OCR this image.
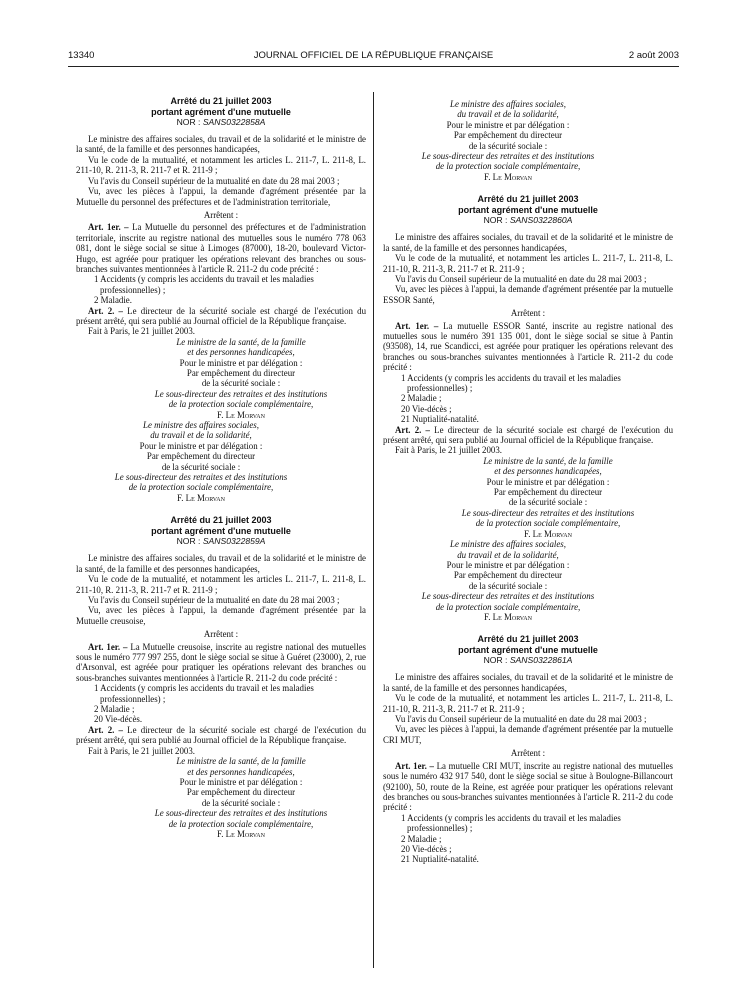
13340	JOURNAL OFFICIEL DE LA RÉPUBLIQUE FRANÇAISE	2 août 2003

Arrêté du 21 juillet 2003

portant agrément d'une mutuelle

NOR : SANS0322858A

Le ministre des affaires sociales, du travail et de la solidarité et le ministre de la santé, de la famille et des personnes handicapées,

Vu le code de la mutualité, et notamment les articles L. 211-7, L. 211-8, L. 211-10, R. 211-3, R. 211-7 et R. 211-9 ;

Vu l'avis du Conseil supérieur de la mutualité en date du 28 mai 2003 ;

Vu, avec les pièces à l'appui, la demande d'agrément présentée par la Mutuelle du personnel des préfectures et de l'administration territoriale,

Arrêtent :

Art. 1er. – La Mutuelle du personnel des préfectures et de l'administration territoriale, inscrite au registre national des mutuelles sous le numéro 778 063 081, dont le siège social se situe à Limoges (87000), 18-20, boulevard Victor-Hugo, est agréée pour pratiquer les opérations relevant des branches ou sous-branches suivantes mentionnées à l'article R. 211-2 du code précité :

1 Accidents (y compris les accidents du travail et les maladies professionnelles) ;

2 Maladie.

Art. 2. – Le directeur de la sécurité sociale est chargé de l'exécution du présent arrêté, qui sera publié au Journal officiel de la République française.

Fait à Paris, le 21 juillet 2003.

Le ministre de la santé, de la famille

et des personnes handicapées,

Pour le ministre et par délégation :

Par empêchement du directeur

de la sécurité sociale :

Le sous-directeur des retraites et des institutions

de la protection sociale complémentaire,

F. Le Morvan

Le ministre des affaires sociales,

du travail et de la solidarité,

Pour le ministre et par délégation :

Par empêchement du directeur

de la sécurité sociale :

Le sous-directeur des retraites et des institutions

de la protection sociale complémentaire,

F. Le Morvan

Arrêté du 21 juillet 2003

portant agrément d'une mutuelle

NOR : SANS0322859A

Le ministre des affaires sociales, du travail et de la solidarité et le ministre de la santé, de la famille et des personnes handicapées,

Vu le code de la mutualité, et notamment les articles L. 211-7, L. 211-8, L. 211-10, R. 211-3, R. 211-7 et R. 211-9 ;

Vu l'avis du Conseil supérieur de la mutualité en date du 28 mai 2003 ;

Vu, avec les pièces à l'appui, la demande d'agrément présentée par la Mutuelle creusoise,

Arrêtent :

Art. 1er. – La Mutuelle creusoise, inscrite au registre national des mutuelles sous le numéro 777 997 255, dont le siège social se situe à Guéret (23000), 2, rue d'Arsonval, est agréée pour pratiquer les opérations relevant des branches ou sous-branches suivantes mentionnées à l'article R. 211-2 du code précité :

1 Accidents (y compris les accidents du travail et les maladies professionnelles) ;

2 Maladie ;

20 Vie-décès.

Art. 2. – Le directeur de la sécurité sociale est chargé de l'exécution du présent arrêté, qui sera publié au Journal officiel de la République française.

Fait à Paris, le 21 juillet 2003.

Le ministre de la santé, de la famille

et des personnes handicapées,

Pour le ministre et par délégation :

Par empêchement du directeur

de la sécurité sociale :

Le sous-directeur des retraites et des institutions

de la protection sociale complémentaire,

F. Le Morvan

Le ministre des affaires sociales,

du travail et de la solidarité,

Pour le ministre et par délégation :

Par empêchement du directeur

de la sécurité sociale :

Le sous-directeur des retraites et des institutions

de la protection sociale complémentaire,

F. Le Morvan

Arrêté du 21 juillet 2003

portant agrément d'une mutuelle

NOR : SANS0322860A

Le ministre des affaires sociales, du travail et de la solidarité et le ministre de la santé, de la famille et des personnes handicapées,

Vu le code de la mutualité, et notamment les articles L. 211-7, L. 211-8, L. 211-10, R. 211-3, R. 211-7 et R. 211-9 ;

Vu l'avis du Conseil supérieur de la mutualité en date du 28 mai 2003 ;

Vu, avec les pièces à l'appui, la demande d'agrément présentée par la mutuelle ESSOR Santé,

Arrêtent :

Art. 1er. – La mutuelle ESSOR Santé, inscrite au registre national des mutuelles sous le numéro 391 135 001, dont le siège social se situe à Pantin (93508), 14, rue Scandicci, est agréée pour pratiquer les opérations relevant des branches ou sous-branches suivantes mentionnées à l'article R. 211-2 du code précité :

1 Accidents (y compris les accidents du travail et les maladies professionnelles) ;

2 Maladie ;

20 Vie-décès ;

21 Nuptialité-natalité.

Art. 2. – Le directeur de la sécurité sociale est chargé de l'exécution du présent arrêté, qui sera publié au Journal officiel de la République française.

Fait à Paris, le 21 juillet 2003.

Le ministre de la santé, de la famille

et des personnes handicapées,

Pour le ministre et par délégation :

Par empêchement du directeur

de la sécurité sociale :

Le sous-directeur des retraites et des institutions

de la protection sociale complémentaire,

F. Le Morvan

Le ministre des affaires sociales,

du travail et de la solidarité,

Pour le ministre et par délégation :

Par empêchement du directeur

de la sécurité sociale :

Le sous-directeur des retraites et des institutions

de la protection sociale complémentaire,

F. Le Morvan

Arrêté du 21 juillet 2003

portant agrément d'une mutuelle

NOR : SANS0322861A

Le ministre des affaires sociales, du travail et de la solidarité et le ministre de la santé, de la famille et des personnes handicapées,

Vu le code de la mutualité, et notamment les articles L. 211-7, L. 211-8, L. 211-10, R. 211-3, R. 211-7 et R. 211-9 ;

Vu l'avis du Conseil supérieur de la mutualité en date du 28 mai 2003 ;

Vu, avec les pièces à l'appui, la demande d'agrément présentée par la mutuelle CRI MUT,

Arrêtent :

Art. 1er. – La mutuelle CRI MUT, inscrite au registre national des mutuelles sous le numéro 432 917 540, dont le siège social se situe à Boulogne-Billancourt (92100), 50, route de la Reine, est agréée pour pratiquer les opérations relevant des branches ou sous-branches suivantes mentionnées à l'article R. 211-2 du code précité :

1 Accidents (y compris les accidents du travail et les maladies professionnelles) ;

2 Maladie ;

20 Vie-décès ;

21 Nuptialité-natalité.
